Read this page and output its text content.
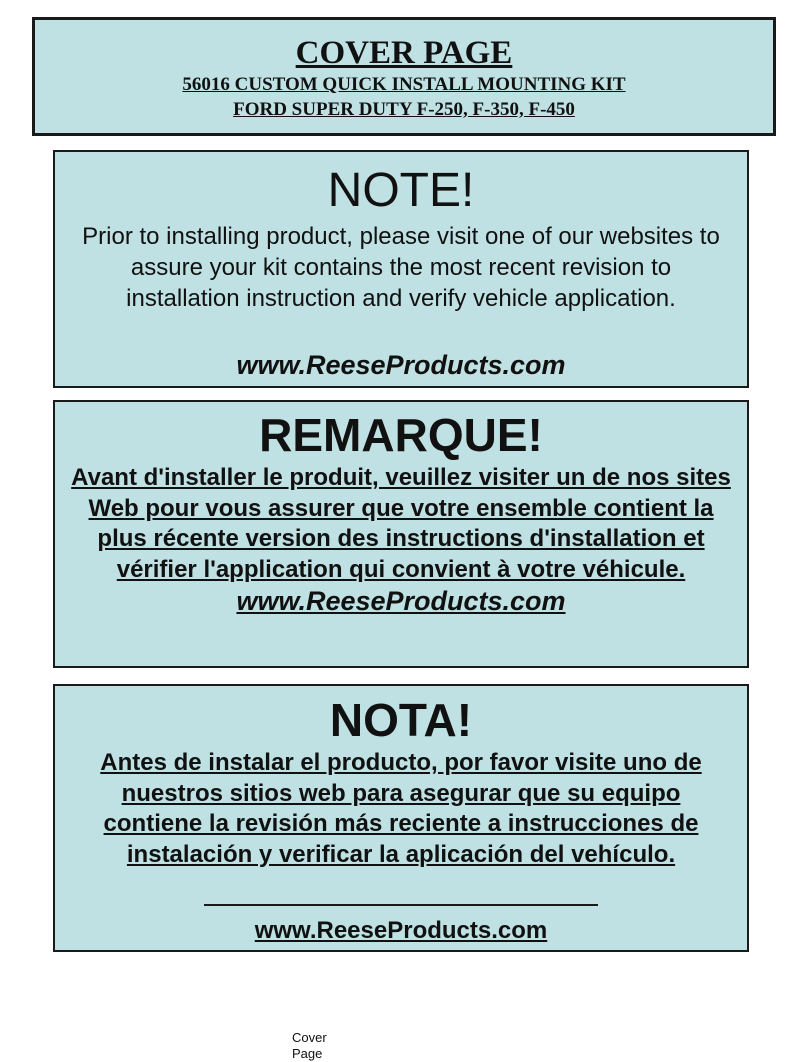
COVER PAGE
56016 CUSTOM QUICK INSTALL MOUNTING KIT
FORD SUPER DUTY F-250, F-350, F-450
NOTE!
Prior to installing product, please visit one of our websites to assure your kit contains the most recent revision to installation instruction and verify vehicle application.
www.ReeseProducts.com
REMARQUE!
Avant d'installer le produit, veuillez visiter un de nos sites Web pour vous assurer que votre ensemble contient la plus récente version des instructions d'installation et vérifier l'application qui convient à votre véhicule.
www.ReeseProducts.com
NOTA!
Antes de instalar el producto, por favor visite uno de nuestros sitios web para asegurar que su equipo contiene la revisión más reciente a instrucciones de instalación y verificar la aplicación del vehículo.
www.ReeseProducts.com
Cover Page
